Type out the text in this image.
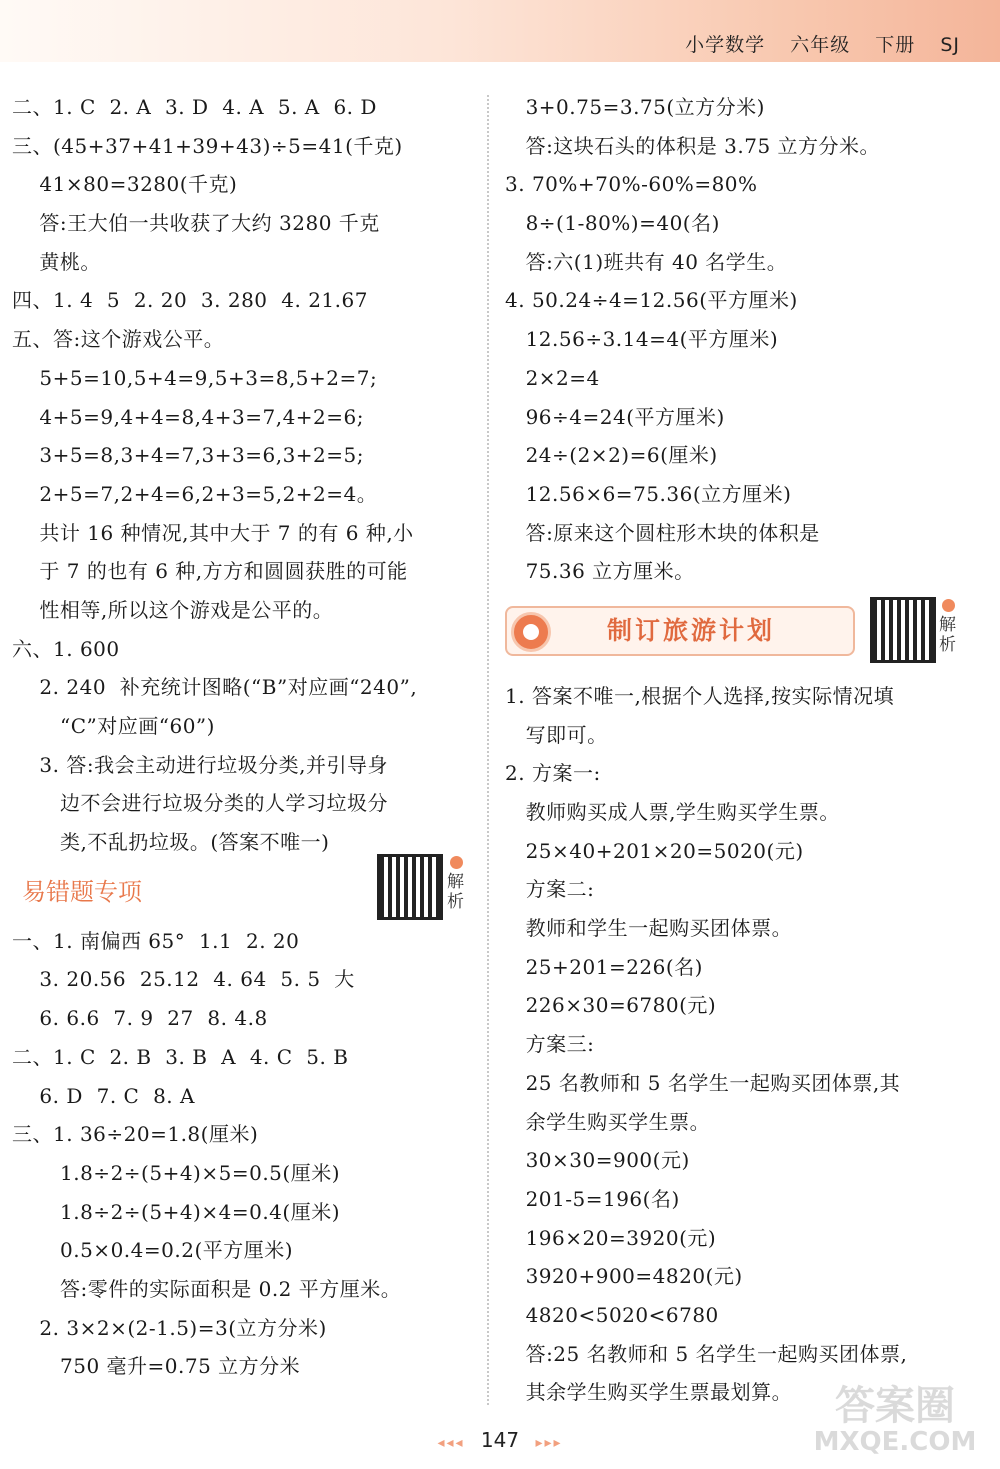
小学数学 六年级 下册 SJ
二、1. C  2. A  3. D  4. A  5. A  6. D
三、(45+37+41+39+43)÷5=41(千克)
41×80=3280(千克)
答:王大伯一共收获了大约 3280 千克
黄桃。
四、1. 4  5  2. 20  3. 280  4. 21.67
五、答:这个游戏公平。
5+5=10,5+4=9,5+3=8,5+2=7;
4+5=9,4+4=8,4+3=7,4+2=6;
3+5=8,3+4=7,3+3=6,3+2=5;
2+5=7,2+4=6,2+3=5,2+2=4。
共计 16 种情况,其中大于 7 的有 6 种,小
于 7 的也有 6 种,方方和圆圆获胜的可能
性相等,所以这个游戏是公平的。
六、1. 600
2. 240  补充统计图略(“B”对应画“240”,
“C”对应画“60”)
3. 答:我会主动进行垃圾分类,并引导身
边不会进行垃圾分类的人学习垃圾分
类,不乱扔垃圾。(答案不唯一)
易错题专项	解析
一、1. 南偏西 65°  1.1  2. 20
3. 20.56  25.12  4. 64  5. 5  大
6. 6.6  7. 9  27  8. 4.8
二、1. C  2. B  3. B  A  4. C  5. B
6. D  7. C  8. A
三、1. 36÷20=1.8(厘米)
1.8÷2÷(5+4)×5=0.5(厘米)
1.8÷2÷(5+4)×4=0.4(厘米)
0.5×0.4=0.2(平方厘米)
答:零件的实际面积是 0.2 平方厘米。
2. 3×2×(2-1.5)=3(立方分米)
750 毫升=0.75 立方分米
3+0.75=3.75(立方分米)
答:这块石头的体积是 3.75 立方分米。
3. 70%+70%-60%=80%
8÷(1-80%)=40(名)
答:六(1)班共有 40 名学生。
4. 50.24÷4=12.56(平方厘米)
12.56÷3.14=4(平方厘米)
2×2=4
96÷4=24(平方厘米)
24÷(2×2)=6(厘米)
12.56×6=75.36(立方厘米)
答:原来这个圆柱形木块的体积是
75.36 立方厘米。
制订旅游计划	解析
1. 答案不唯一,根据个人选择,按实际情况填
写即可。
2. 方案一:
教师购买成人票,学生购买学生票。
25×40+201×20=5020(元)
方案二:
教师和学生一起购买团体票。
25+201=226(名)
226×30=6780(元)
方案三:
25 名教师和 5 名学生一起购买团体票,其
余学生购买学生票。
30×30=900(元)
201-5=196(名)
196×20=3920(元)
3920+900=4820(元)
4820<5020<6780
答:25 名教师和 5 名学生一起购买团体票,
其余学生购买学生票最划算。
◂◂◂ 147 ▸▸▸
答案圈
MXQE.COM
